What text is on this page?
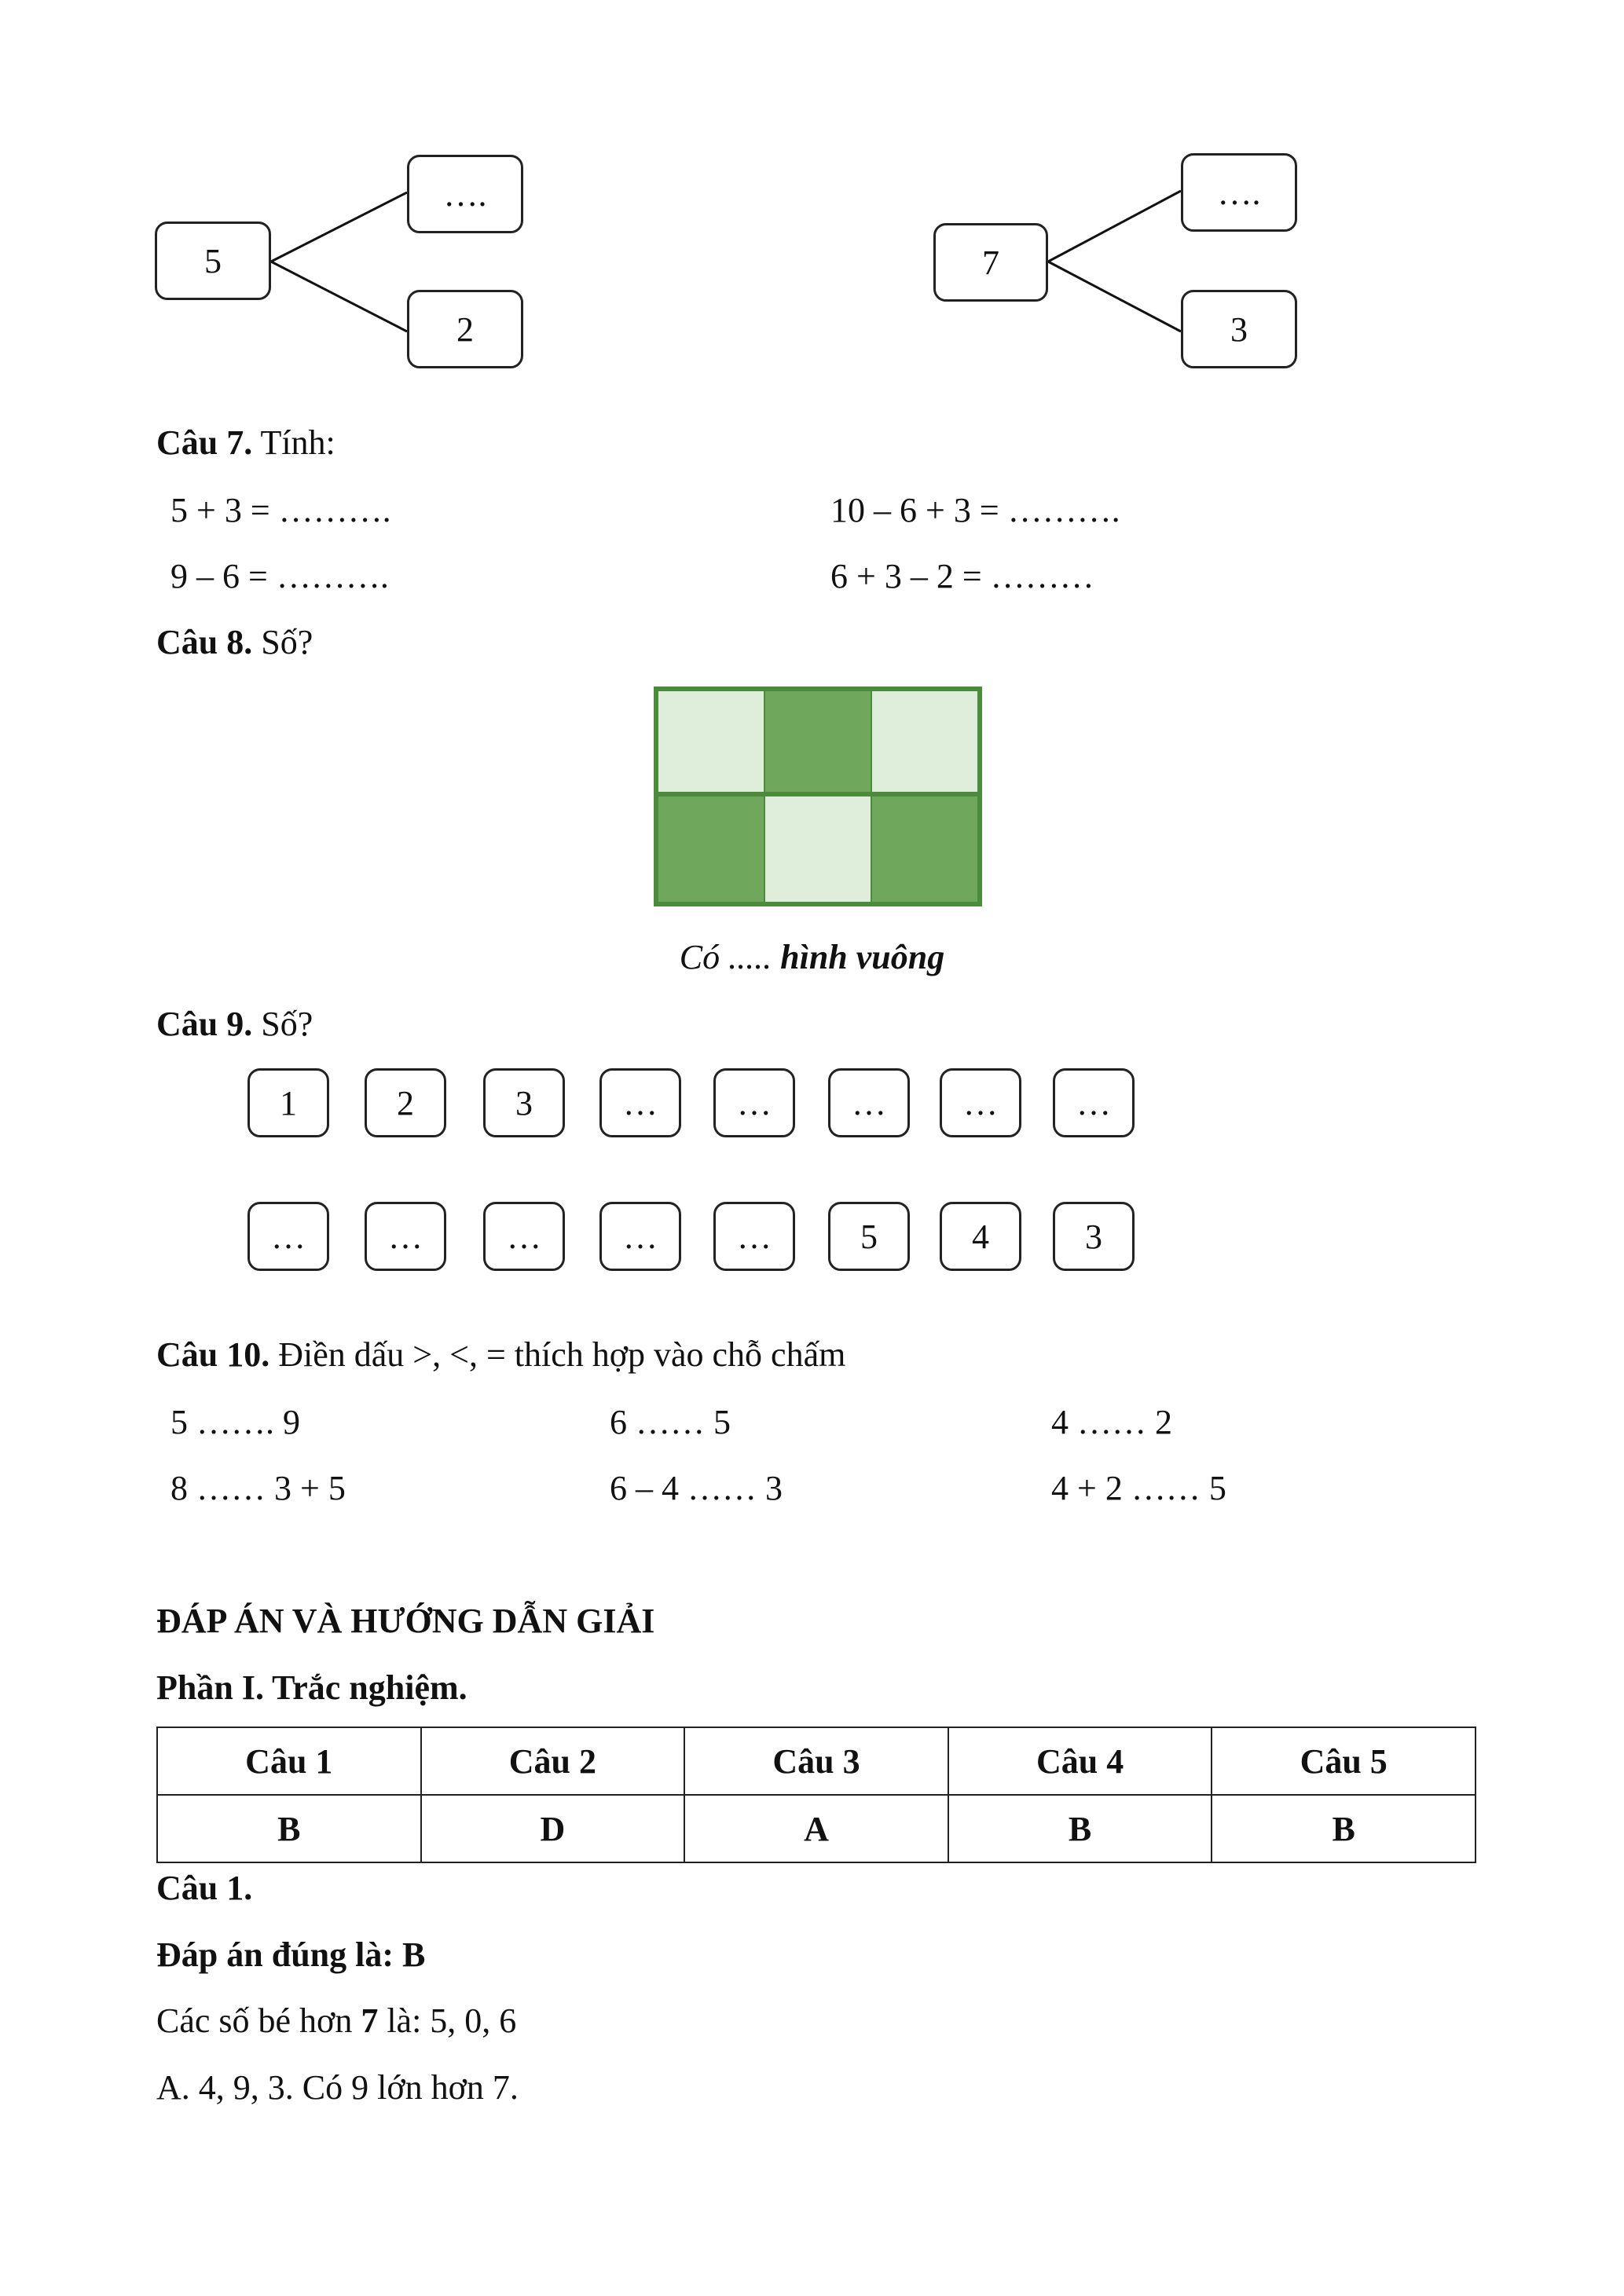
5
….
2
7
….
3
Câu 7. Tính:
5 + 3 = ……….	10 – 6 + 3 = ……….
9 – 6 = ……….	6 + 3 – 2 = ………
Câu 8. Số?
Có ..... hình vuông
Câu 9. Số?
1	2	3	…	…	…	…	…
…	…	…	…	…	5	4	3
Câu 10. Điền dấu >, <, = thích hợp vào chỗ chấm
5 ……. 9	6 …… 5	4 …… 2
8 …… 3 + 5	6 – 4 …… 3	4 + 2 …… 5
ĐÁP ÁN VÀ HƯỚNG DẪN GIẢI
Phần I. Trắc nghiệm.
Câu 1	Câu 2	Câu 3	Câu 4	Câu 5
B	D	A	B	B
Câu 1.
Đáp án đúng là: B
Các số bé hơn 7 là: 5, 0, 6
A. 4, 9, 3. Có 9 lớn hơn 7.
